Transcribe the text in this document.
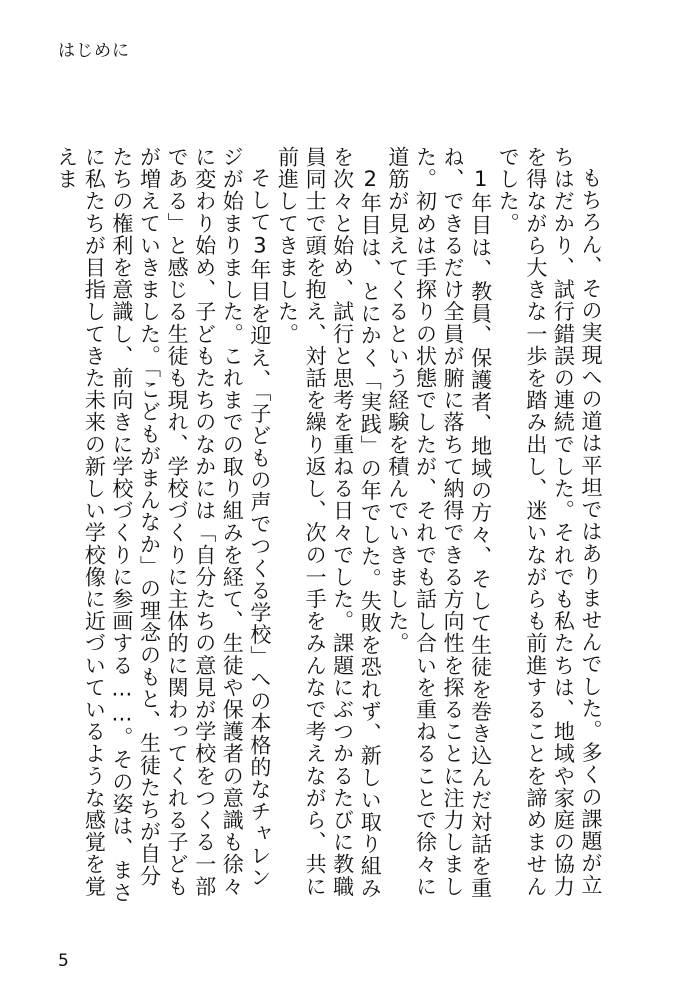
はじめに

もちろん、その実現への道は平坦ではありませんでした。多くの課題が立ちはだかり、試行錯誤の連続でした。それでも私たちは、地域や家庭の協力を得ながら大きな一歩を踏み出し、迷いながらも前進することを諦めませんでした。

1年目は、教員、保護者、地域の方々、そして生徒を巻き込んだ対話を重ね、できるだけ全員が腑に落ちて納得できる方向性を探ることに注力しました。初めは手探りの状態でしたが、それでも話し合いを重ねることで徐々に道筋が見えてくるという経験を積んでいきました。

2年目は、とにかく「実践」の年でした。失敗を恐れず、新しい取り組みを次々と始め、試行と思考を重ねる日々でした。課題にぶつかるたびに教職員同士で頭を抱え、対話を繰り返し、次の一手をみんなで考えながら、共に前進してきました。

そして3年目を迎え、「子どもの声でつくる学校」への本格的なチャレンジが始まりました。これまでの取り組みを経て、生徒や保護者の意識も徐々に変わり始め、子どもたちのなかには「自分たちの意見が学校をつくる一部である」と感じる生徒も現れ、学校づくりに主体的に関わってくれる子どもが増えていきました。「こどもがまんなか」の理念のもと、生徒たちが自分たちの権利を意識し、前向きに学校づくりに参画する……。その姿は、まさに私たちが目指してきた未来の新しい学校像に近づいているような感覚を覚えま

5
